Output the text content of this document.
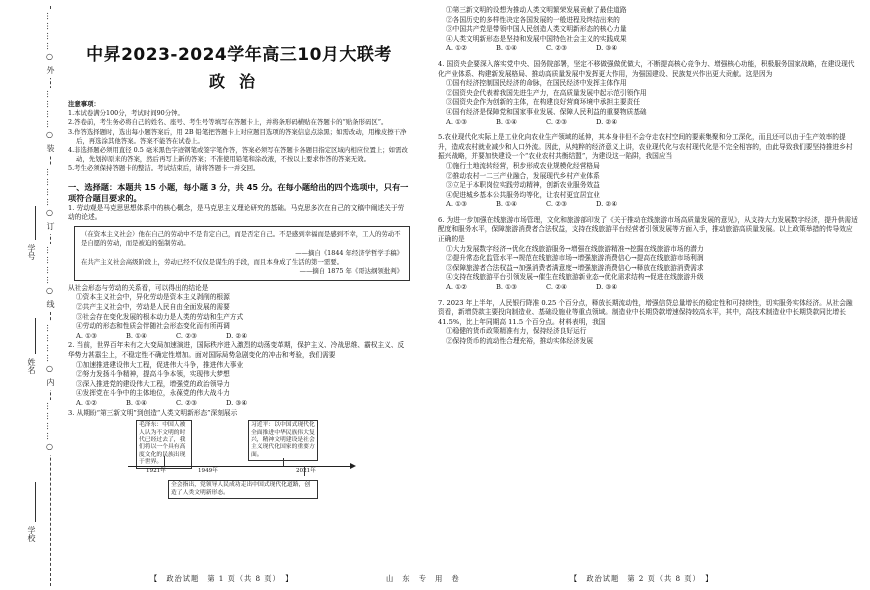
…………○
外
…………○
装
…………○
订
…………○
线
…………○
内
…………○
学号
姓名
学校
中昇2023-2024学年高三10月大联考
政治
注意事项：
1.本试卷满分100分，考试时间90分钟。
2.答卷前，考生务必将自己的姓名、座号、考生号等填写在答题卡上，并将条形码横贴在答题卡的“贴条形码区”。
3.作答选择题时，选出每小题答案后，用 2B 铅笔把答题卡上对应题目选项的答案信息点涂黑；如需改动，用橡皮擦干净后，再选涂其他答案。答案不能答在试卷上。
4.非选择题必须用直径 0.5 毫米黑色字迹钢笔或签字笔作答，答案必须写在答题卡各题目指定区域内相应位置上；如需改动，先划掉原来的答案，然后再写上新的答案；不准使用铅笔和涂改液，不按以上要求作答的答案无效。
5.考生必须保持答题卡的整洁。考试结束后，请将答题卡一并交回。
一、选择题：本题共 15 小题，每小题 3 分，共 45 分。在每小题给出的四个选项中，只有一项符合题目要求的。
1. 劳动观是马克思思想体系中的核心概念，是马克思主义理论研究的基础。马克思多次在自己的文稿中阐述关于劳动的论述。
（在资本主义社会）他在自己的劳动中不是肯定自己，而是否定自己。不是感到幸福而是感到不幸，工人的劳动不是自愿的劳动，而是被迫的强制劳动。
——摘自《1844 年经济学哲学手稿》
在共产主义社会高级阶段上，劳动已经不仅仅是谋生的手段，而且本身成了生活的第一需要。
——摘自 1875 年《哥达纲领批判》
从社会形态与劳动的关系看，可以得出的结论是
①资本主义社会中，异化劳动是资本主义剥削的根源
②共产主义社会中，劳动是人民自由全面发展的需要
③社会存在变化发展的根本动力是人类的劳动和生产方式
④劳动的形态和性质会伴随社会形态变化而有所再调
A. ①③	B. ①④	C. ②③	D. ②④
2. 当前，世界百年未有之大变局加速演进，国际秩序进入激烈的动荡变革期，保护主义、冷战思维、霸权主义、反华势力甚嚣尘上，不稳定性不确定性增加。面对国际局势急剧变化的冲击和考验，我们需要
①加速推进建设伟大工程，促进伟大斗争，推进伟大事业
②努力发扬斗争精神，提高斗争本领，实现伟大梦想
③深入推进党的建设伟大工程，增强党的政治领导力
④发挥党在斗争中的主体地位，永葆党的伟大战斗力
A. ①②	B. ①④	C. ②③	D. ③④
3. 从期盼“第三新文明”到创造“人类文明新形态”深刻展示
毛泽东：中国人被人认为不文明的时代已经过去了，我们将以一个具有高度文化的民族出现于世界。
习近平：以中国式现代化全面推进中华民族伟大复兴，精神文明建设是社会主义现代化国家的重要方面。
1921年	1949年	2021年
全会指出，党领导人民成功走出中国式现代化道路，创造了人类文明新形态。
①第三新文明的设想为推动人类文明繁荣发展贡献了最佳道路
②各国历史的多样性决定各国发展的一般进程及终结出来的
③中国共产党是带领中国人民创造人类文明新形态的核心力量
④人类文明新形态是坚持和发展中国特色社会主义的实践成果
A. ①②	B. ①④	C. ②③	D. ③④
4. 国资央企要深入落实党中央、国务院部署，坚定不移做强做优做大，不断提高核心竞争力、增强核心功能，积极服务国家战略，在建设现代化产业体系、构建新发展格局、推动高质量发展中发挥更大作用，为强国建设、民族复兴作出更大贡献。这是因为
①国有经济控制国民经济的命脉，在国民经济中发挥主体作用
②国资央企代表着我国先进生产力，在高质量发展中起示范引领作用
③国资央企作为创新的主体，在构建良好营商环境中承担主要责任
④国有经济是保障党和国家事业发展、保障人民利益的重要物质基础
A. ①③	B. ①④	C. ②③	D. ②④
5.农业现代化实际上是工业化向农业生产领域的延伸，其本身非但不会夺走农村空间的要素集聚和分工深化，而且还可以由于生产效率的提升，造成农村就业减少和人口外流。因此，从纯粹的经济意义上讲，农业现代化与农村现代化是不完全相容的，由此导致我们要坚持推进乡村振兴战略，并要加快建设一个“农业农村共衡结盟”，为建设这一陷阱，我国应当
①施行土地流转经营，积步形成农业规模化经营格局
②推动农村一二三产业融合，发展现代乡村产业体系
③立足于本职岗位实践劳动精神，创新农业服务效益
④促进城乡基本公共服务均等化，让农村更宜居宜业
A. ①③	B. ①④	C. ②③	D. ②④
6. 为进一步加强在线旅游市场管理，文化和旅游部印发了《关于推动在线旅游市场高质量发展的意见》，从支持大力发展数字经济，提升供需适配度和服务水平，保障旅游消费者合法权益，支持在线旅游平台经营者引领发展等方面入手，推动旅游高质量发展。以上政策举措的传导效应正确的是
①大力发展数字经济→优化在线旅游服务→增强在线旅游精准→挖掘在线旅游市场的潜力
②提升常态化监管水平→规范在线旅游市场→增强旅游消费信心→提高在线旅游市场利润
③保障旅游者合法权益→加强消费者满意度→增强旅游消费信心→释放在线旅游消费需求
④支持在线旅游平台引领发展→催生在线旅游新业态→优化需求结构→促进在线旅游升级
A. ①②	B. ①③	C. ②④	D. ③④
7. 2023 年上半年，人民银行降准 0.25 个百分点，释放长期流动性，增强信贷总量增长的稳定性和可持续性，切实服务实体经济。从社会融资看，新增贷款主要投向制造业、基础设施业等重点领域。制造业中长期贷款增速保持较高水平，其中，高技术制造业中长期贷款同比增长 41.5%，比上年同期高 11.5 个百分点。材料表明，我国
①稳健的货币政策精准有力，保持经济良好运行
②保持货币的流动性合理充裕，推动实体经济发展
【　政治试题　第 1 页（共 8 页）　】	山　东　专　用　卷	【　政治试题　第 2 页（共 8 页）　】
